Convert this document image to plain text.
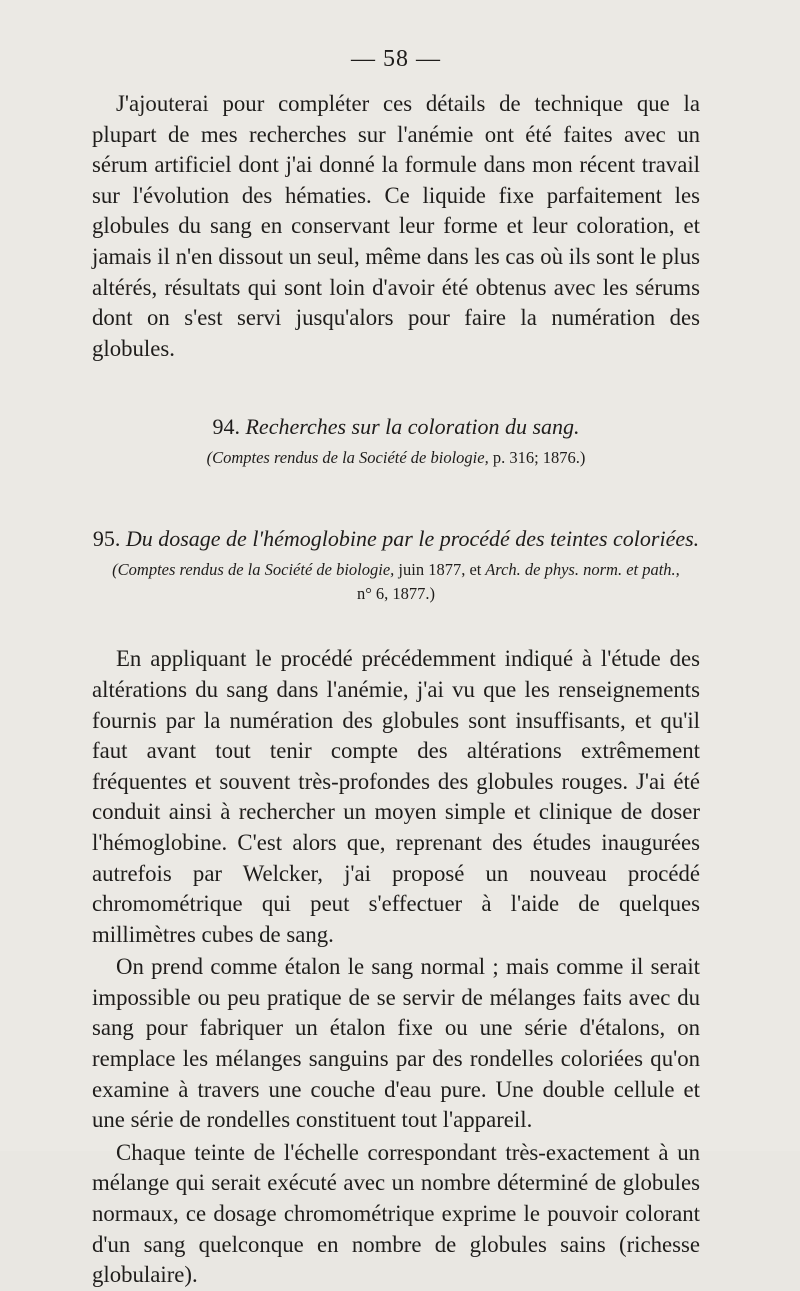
— 58 —

J'ajouterai pour compléter ces détails de technique que la plupart de mes recherches sur l'anémie ont été faites avec un sérum artificiel dont j'ai donné la formule dans mon récent travail sur l'évolution des hématies. Ce liquide fixe parfaitement les globules du sang en conservant leur forme et leur coloration, et jamais il n'en dissout un seul, même dans les cas où ils sont le plus altérés, résultats qui sont loin d'avoir été obtenus avec les sérums dont on s'est servi jusqu'alors pour faire la numération des globules.

94. Recherches sur la coloration du sang.

(Comptes rendus de la Société de biologie, p. 316; 1876.)

95. Du dosage de l'hémoglobine par le procédé des teintes coloriées.

(Comptes rendus de la Société de biologie, juin 1877, et Arch. de phys. norm. et path.,
n° 6, 1877.)

En appliquant le procédé précédemment indiqué à l'étude des altérations du sang dans l'anémie, j'ai vu que les renseignements fournis par la numération des globules sont insuffisants, et qu'il faut avant tout tenir compte des altérations extrêmement fréquentes et souvent très-profondes des globules rouges. J'ai été conduit ainsi à rechercher un moyen simple et clinique de doser l'hémoglobine. C'est alors que, reprenant des études inaugurées autrefois par Welcker, j'ai proposé un nouveau procédé chromométrique qui peut s'effectuer à l'aide de quelques millimètres cubes de sang.

On prend comme étalon le sang normal ; mais comme il serait impossible ou peu pratique de se servir de mélanges faits avec du sang pour fabriquer un étalon fixe ou une série d'étalons, on remplace les mélanges sanguins par des rondelles coloriées qu'on examine à travers une couche d'eau pure. Une double cellule et une série de rondelles constituent tout l'appareil.

Chaque teinte de l'échelle correspondant très-exactement à un mélange qui serait exécuté avec un nombre déterminé de globules normaux, ce dosage chromométrique exprime le pouvoir colorant d'un sang quelconque en nombre de globules sains (richesse globulaire).
